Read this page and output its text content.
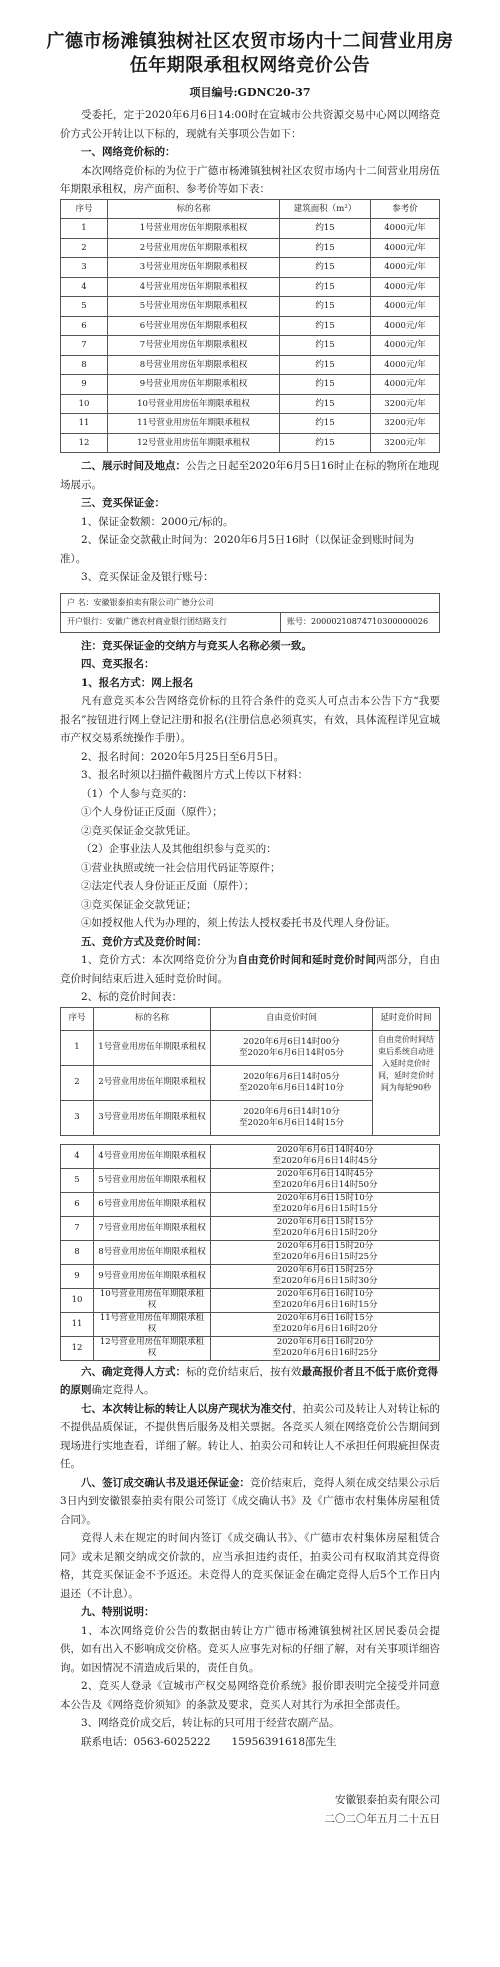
广德市杨滩镇独树社区农贸市场内十二间营业用房伍年期限承租权网络竞价公告
项目编号:GDNC20-37
受委托，定于2020年6月6日14:00时在宣城市公共资源交易中心网以网络竞价方式公开转让以下标的，现就有关事项公告如下：
一、网络竞价标的：
本次网络竞价标的为位于广德市杨滩镇独树社区农贸市场内十二间营业用房伍年期限承租权，房产面积、参考价等如下表：
序号	标的名称	建筑面积（m²）	参考价
1	1号营业用房伍年期限承租权	约15	4000元/年
2	2号营业用房伍年期限承租权	约15	4000元/年
3	3号营业用房伍年期限承租权	约15	4000元/年
4	4号营业用房伍年期限承租权	约15	4000元/年
5	5号营业用房伍年期限承租权	约15	4000元/年
6	6号营业用房伍年期限承租权	约15	4000元/年
7	7号营业用房伍年期限承租权	约15	4000元/年
8	8号营业用房伍年期限承租权	约15	4000元/年
9	9号营业用房伍年期限承租权	约15	4000元/年
10	10号营业用房伍年期限承租权	约15	3200元/年
11	11号营业用房伍年期限承租权	约15	3200元/年
12	12号营业用房伍年期限承租权	约15	3200元/年
二、展示时间及地点：公告之日起至2020年6月5日16时止在标的物所在地现场展示。
三、竞买保证金：
1、保证金数额：2000元/标的。
2、保证金交款截止时间为：2020年6月5日16时（以保证金到账时间为准）。
3、竞买保证金及银行账号：
户 名：安徽银泰拍卖有限公司广德分公司
开户银行：安徽广德农村商业银行团结路支行	账号：20000210874710300000026
注：竞买保证金的交纳方与竞买人名称必须一致。
四、竞买报名：
1、报名方式：网上报名
凡有意竞买本公告网络竞价标的且符合条件的竞买人可点击本公告下方“我要报名”按钮进行网上登记注册和报名(注册信息必须真实，有效，具体流程详见宣城市产权交易系统操作手册）。
2、报名时间：2020年5月25日至6月5日。
3、报名时须以扫描件截图片方式上传以下材料：
（1）个人参与竞买的：
①个人身份证正反面（原件）；
②竞买保证金交款凭证。
（2）企事业法人及其他组织参与竞买的：
①营业执照或统一社会信用代码证等原件；
②法定代表人身份证正反面（原件）；
③竞买保证金交款凭证；
④如授权他人代为办理的，须上传法人授权委托书及代理人身份证。
五、竞价方式及竞价时间：
1、竞价方式：本次网络竞价分为自由竞价时间和延时竞价时间两部分，自由竞价时间结束后进入延时竞价时间。
2、标的竞价时间表：
序号	标的名称	自由竞价时间	延时竞价时间
1	1号营业用房伍年期限承租权	2020年6月6日14时00分
至2020年6月6日14时05分	自由竞价时间结束后系统自动进入延时竞价时间，延时竞价时间为每轮90秒
2	2号营业用房伍年期限承租权	2020年6月6日14时05分
至2020年6月6日14时10分	

3	3号营业用房伍年期限承租权	2020年6月6日14时10分
至2020年6月6日14时15分	
4	4号营业用房伍年期限承租权	2020年6月6日14时40分
至2020年6月6日14时45分

5	5号营业用房伍年期限承租权	2020年6月6日14时45分
至2020年6月6日14时50分

6	6号营业用房伍年期限承租权	2020年6月6日15时10分
至2020年6月6日15时15分

7	7号营业用房伍年期限承租权	2020年6月6日15时15分
至2020年6月6日15时20分

8	8号营业用房伍年期限承租权	2020年6月6日15时20分
至2020年6月6日15时25分

9	9号营业用房伍年期限承租权	2020年6月6日15时25分
至2020年6月6日15时30分

10	10号营业用房伍年期限承租权	2020年6月6日16时10分
至2020年6月6日16时15分

11	11号营业用房伍年期限承租权	2020年6月6日16时15分
至2020年6月6日16时20分

12	12号营业用房伍年期限承租权	2020年6月6日16时20分
至2020年6月6日16时25分
六、确定竞得人方式：标的竞价结束后，按有效最高报价者且不低于底价竞得的原则确定竞得人。
七、本次转让标的转让人以房产现状为准交付，拍卖公司及转让人对转让标的不提供品质保证，不提供售后服务及相关票据。各竞买人须在网络竞价公告期间到现场进行实地查看，详细了解。转让人、拍卖公司和转让人不承担任何瑕疵担保责任。
八、签订成交确认书及退还保证金：竞价结束后，竞得人须在成交结果公示后3日内到安徽银泰拍卖有限公司签订《成交确认书》及《广德市农村集体房屋租赁合同》。
竞得人未在规定的时间内签订《成交确认书》、《广德市农村集体房屋租赁合同》或未足额交纳成交价款的，应当承担违约责任，拍卖公司有权取消其竞得资格，其竞买保证金不予返还。未竞得人的竞买保证金在确定竞得人后5个工作日内退还（不计息）。
九、特别说明：
1、本次网络竞价公告的数据由转让方广德市杨滩镇独树社区居民委员会提供，如有出入不影响成交价格。竞买人应事先对标的仔细了解，对有关事项详细咨询。如因情况不清造成后果的，责任自负。
2、竞买人登录《宣城市产权交易网络竞价系统》报价即表明完全接受并同意本公告及《网络竞价须知》的条款及要求，竞买人对其行为承担全部责任。
3、网络竞价成交后，转让标的只可用于经营农副产品。
联系电话：0563-6025222　　15956391618邵先生
安徽银泰拍卖有限公司
二〇二〇年五月二十五日
